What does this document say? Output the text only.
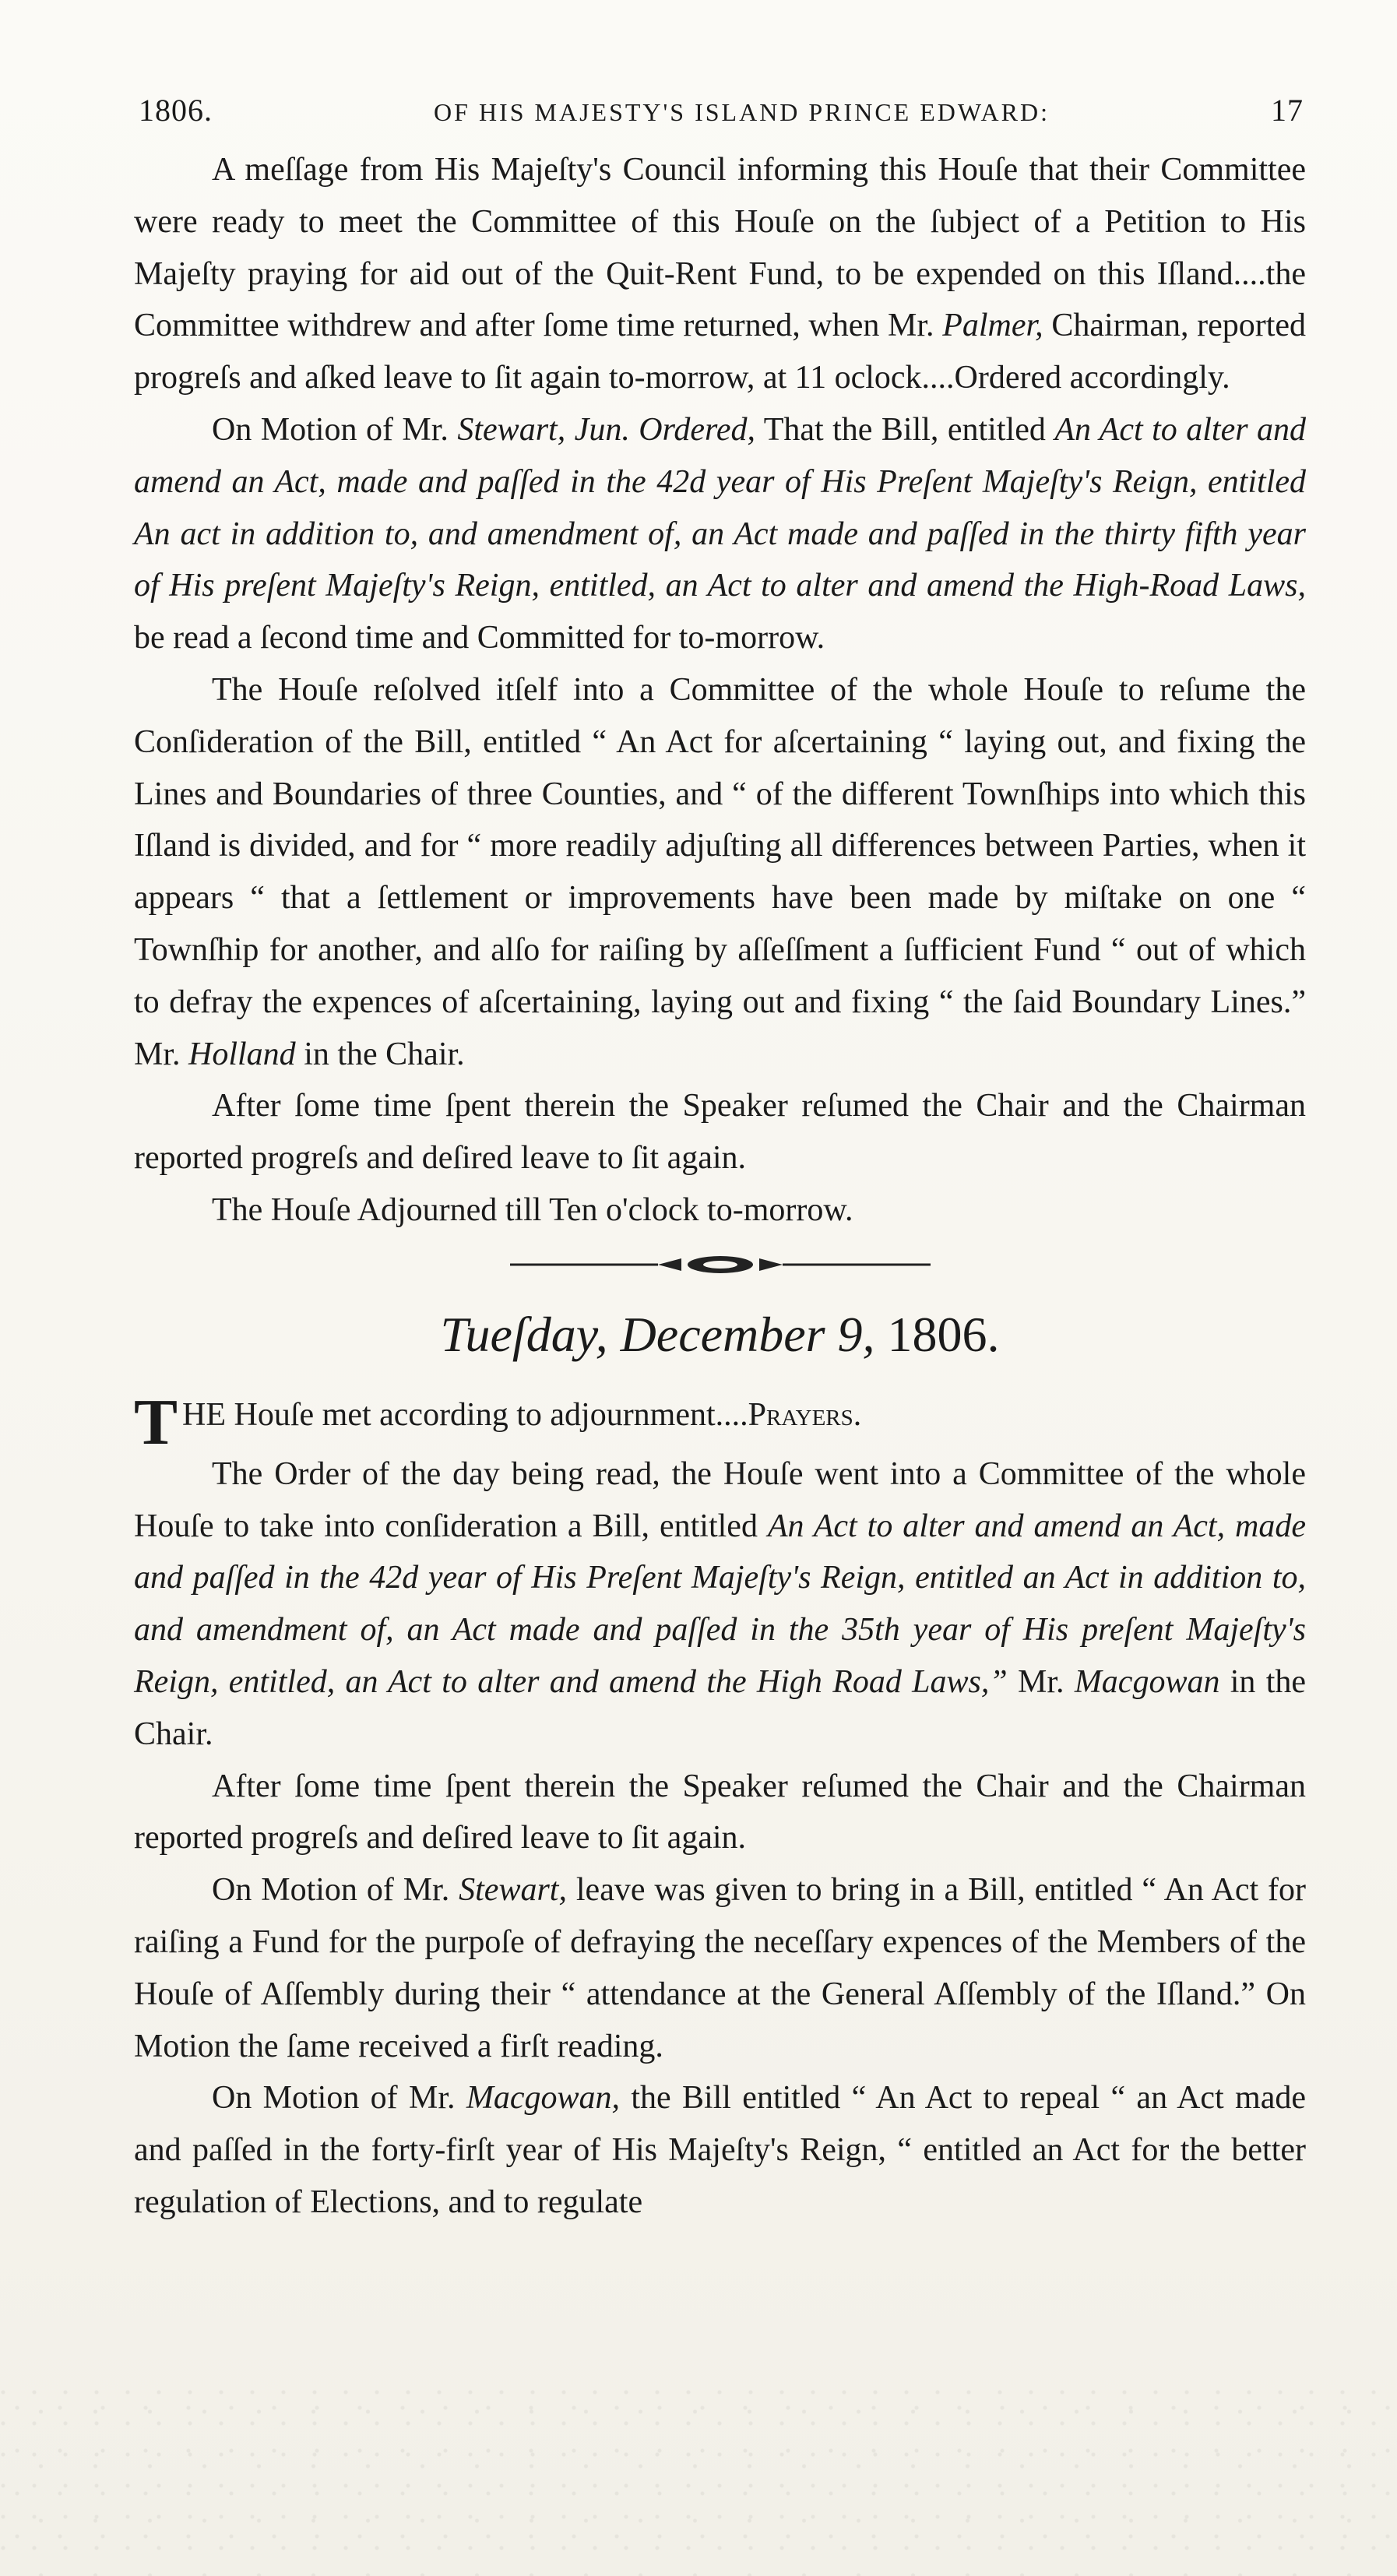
1806.	OF HIS MAJESTY'S ISLAND PRINCE EDWARD:	17

A meſſage from His Majeſty's Council informing this Houſe that their Committee were ready to meet the Committee of this Houſe on the ſubject of a Petition to His Majeſty praying for aid out of the Quit-Rent Fund, to be expended on this Iſland....the Committee withdrew and after ſome time returned, when Mr. Palmer, Chairman, reported progreſs and aſked leave to ſit again to-morrow, at 11 oclock....Ordered accordingly.

On Motion of Mr. Stewart, Jun. Ordered, That the Bill, entitled An Act to alter and amend an Act, made and paſſed in the 42d year of His Preſent Majeſty's Reign, entitled An act in addition to, and amendment of, an Act made and paſſed in the thirty fifth year of His preſent Majeſty's Reign, entitled, an Act to alter and amend the High-Road Laws, be read a ſecond time and Committed for to-morrow.

The Houſe reſolved itſelf into a Committee of the whole Houſe to reſume the Conſideration of the Bill, entitled “ An Act for aſcertaining “ laying out, and fixing the Lines and Boundaries of three Counties, and “ of the different Townſhips into which this Iſland is divided, and for “ more readily adjuſting all differences between Parties, when it appears “ that a ſettlement or improvements have been made by miſtake on one “ Townſhip for another, and alſo for raiſing by aſſeſſment a ſufficient Fund “ out of which to defray the expences of aſcertaining, laying out and fixing “ the ſaid Boundary Lines.” Mr. Holland in the Chair.

After ſome time ſpent therein the Speaker reſumed the Chair and the Chairman reported progreſs and deſired leave to ſit again.

The Houſe Adjourned till Ten o'clock to-morrow.

Tueſday, December 9, 1806.

THE Houſe met according to adjournment....Prayers.

The Order of the day being read, the Houſe went into a Committee of the whole Houſe to take into conſideration a Bill, entitled An Act to alter and amend an Act, made and paſſed in the 42d year of His Preſent Majeſty's Reign, entitled an Act in addition to, and amendment of, an Act made and paſſed in the 35th year of His preſent Majeſty's Reign, entitled, an Act to alter and amend the High Road Laws,” Mr. Macgowan in the Chair.

After ſome time ſpent therein the Speaker reſumed the Chair and the Chairman reported progreſs and deſired leave to ſit again.

On Motion of Mr. Stewart, leave was given to bring in a Bill, entitled “ An Act for raiſing a Fund for the purpoſe of defraying the neceſſary expences of the Members of the Houſe of Aſſembly during their “ attendance at the General Aſſembly of the Iſland.” On Motion the ſame received a firſt reading.

On Motion of Mr. Macgowan, the Bill entitled “ An Act to repeal “ an Act made and paſſed in the forty-firſt year of His Majeſty's Reign, “ entitled an Act for the better regulation of Elections, and to regulate
